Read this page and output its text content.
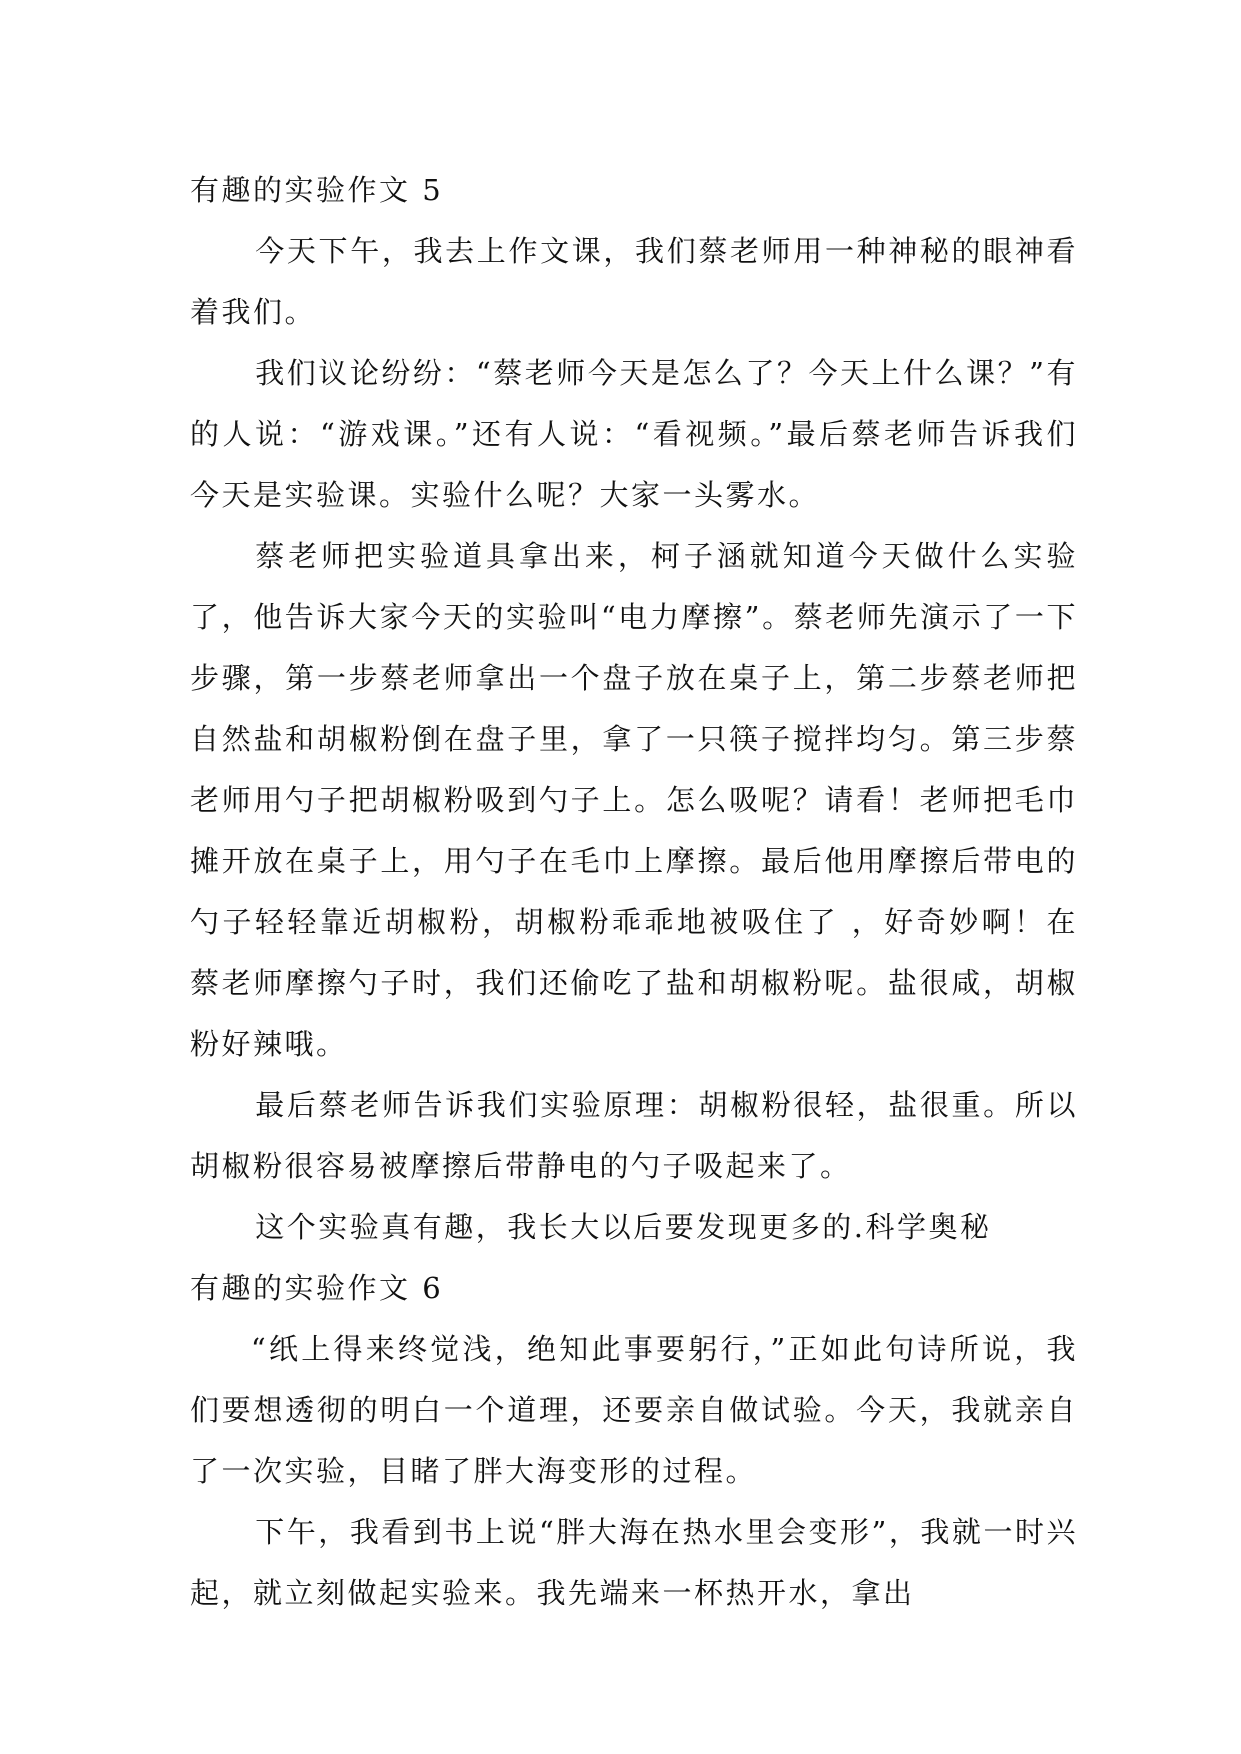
有趣的实验作文 5

今天下午，我去上作文课，我们蔡老师用一种神秘的眼神看着我们。

我们议论纷纷：“蔡老师今天是怎么了？今天上什么课？”有的人说：“游戏课。”还有人说：“看视频。”最后蔡老师告诉我们今天是实验课。实验什么呢？大家一头雾水。

蔡老师把实验道具拿出来，柯子涵就知道今天做什么实验了，他告诉大家今天的实验叫“电力摩擦”。蔡老师先演示了一下步骤，第一步蔡老师拿出一个盘子放在桌子上，第二步蔡老师把自然盐和胡椒粉倒在盘子里，拿了一只筷子搅拌均匀。第三步蔡老师用勺子把胡椒粉吸到勺子上。怎么吸呢？请看！老师把毛巾摊开放在桌子上，用勺子在毛巾上摩擦。最后他用摩擦后带电的勺子轻轻靠近胡椒粉，胡椒粉乖乖地被吸住了 ，好奇妙啊！在蔡老师摩擦勺子时，我们还偷吃了盐和胡椒粉呢。盐很咸，胡椒粉好辣哦。

最后蔡老师告诉我们实验原理：胡椒粉很轻，盐很重。所以胡椒粉很容易被摩擦后带静电的勺子吸起来了。

这个实验真有趣，我长大以后要发现更多的.科学奥秘

有趣的实验作文 6

“纸上得来终觉浅，绝知此事要躬行，”正如此句诗所说，我们要想透彻的明白一个道理，还要亲自做试验。今天，我就亲自了一次实验，目睹了胖大海变形的过程。

下午，我看到书上说“胖大海在热水里会变形”，我就一时兴起，就立刻做起实验来。我先端来一杯热开水，拿出
